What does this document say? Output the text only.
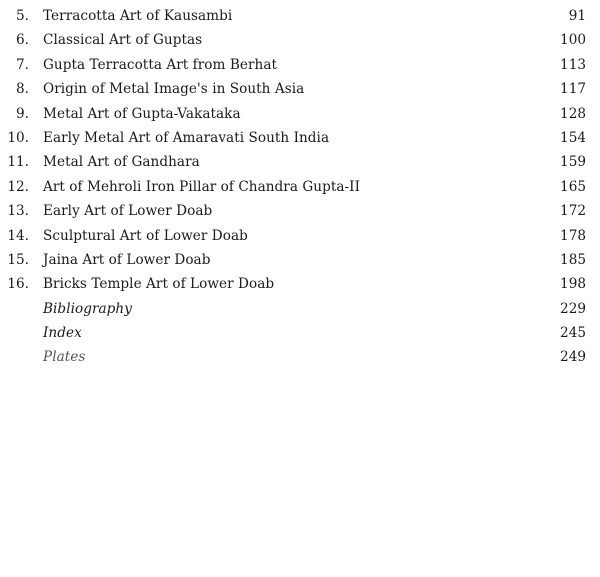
5. Terracotta Art of Kausambi	91
6. Classical Art of Guptas	100
7. Gupta Terracotta Art from Berhat	113
8. Origin of Metal Image's in South Asia	117
9. Metal Art of Gupta-Vakataka	128
10. Early Metal Art of Amaravati South India	154
11. Metal Art of Gandhara	159
12. Art of Mehroli Iron Pillar of Chandra Gupta-II	165
13. Early Art of Lower Doab	172
14. Sculptural Art of Lower Doab	178
15. Jaina Art of Lower Doab	185
16. Bricks Temple Art of Lower Doab	198
Bibliography	229
Index	245
Plates	249
